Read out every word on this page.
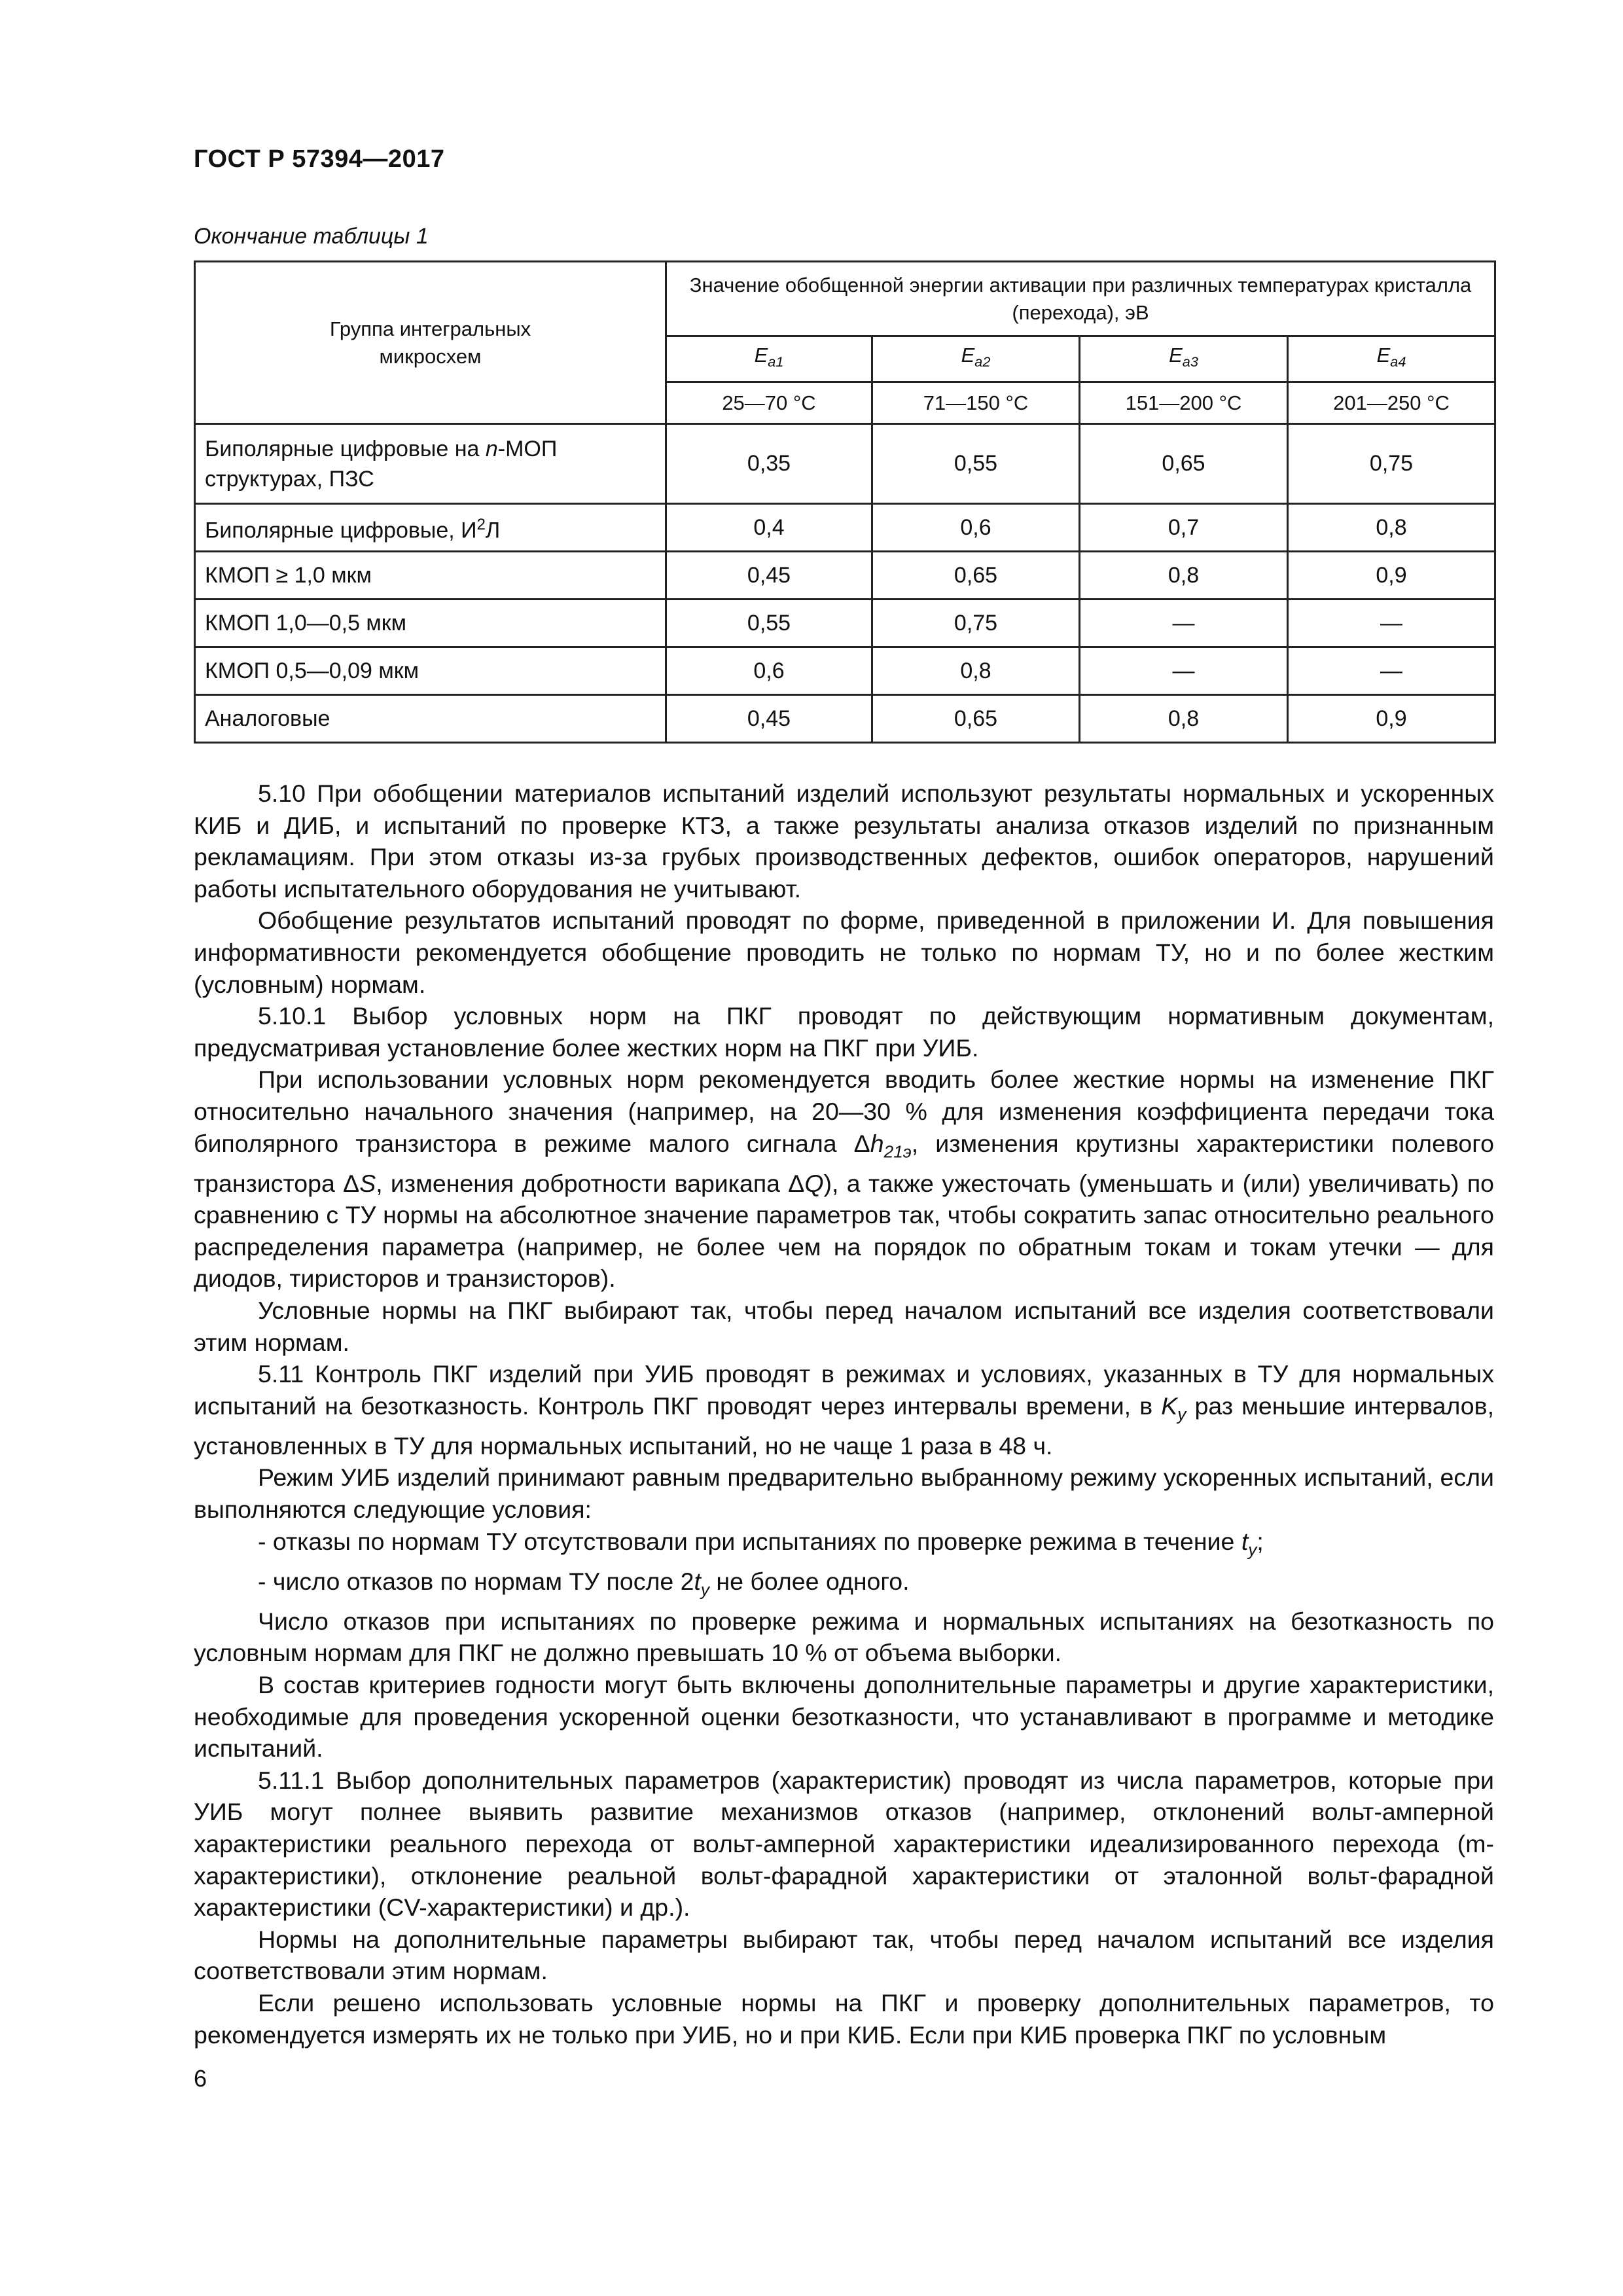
ГОСТ Р 57394—2017
Окончание таблицы 1
Группа интегральных микросхем	Значение обобщенной энергии активации при различных температурах кристалла (перехода), эВ			
	$E_{a1}$	$E_{a2}$	$E_{a3}$	$E_{a4}$
	25—70 °С	71—150 °С	151—200 °С	201—250 °С
Биполярные цифровые на n-МОП структурах, ПЗС	0,35	0,55	0,65	0,75
Биполярные цифровые, $И^2Л$	0,4	0,6	0,7	0,8
КМОП ≥ 1,0 мкм	0,45	0,65	0,8	0,9
КМОП 1,0—0,5 мкм	0,55	0,75	—	—
КМОП 0,5—0,09 мкм	0,6	0,8	—	—
Аналоговые	0,45	0,65	0,8	0,9

5.10 При обобщении материалов испытаний изделий используют результаты нормальных и ускоренных КИБ и ДИБ, и испытаний по проверке КТЗ, а также результаты анализа отказов изделий по признанным рекламациям. При этом отказы из-за грубых производственных дефектов, ошибок операторов, нарушений работы испытательного оборудования не учитывают.

Обобщение результатов испытаний проводят по форме, приведенной в приложении И. Для повышения информативности рекомендуется обобщение проводить не только по нормам ТУ, но и по более жестким (условным) нормам.

5.10.1 Выбор условных норм на ПКГ проводят по действующим нормативным документам, предусматривая установление более жестких норм на ПКГ при УИБ.

При использовании условных норм рекомендуется вводить более жесткие нормы на изменение ПКГ относительно начального значения (например, на 20—30 % для изменения коэффициента передачи тока биполярного транзистора в режиме малого сигнала $\Delta h_{21э}$, изменения крутизны характеристики полевого транзистора ΔS, изменения добротности варикапа ΔQ), а также ужесточать (уменьшать и (или) увеличивать) по сравнению с ТУ нормы на абсолютное значение параметров так, чтобы сократить запас относительно реального распределения параметра (например, не более чем на порядок по обратным токам и токам утечки — для диодов, тиристоров и транзисторов).

Условные нормы на ПКГ выбирают так, чтобы перед началом испытаний все изделия соответствовали этим нормам.

5.11 Контроль ПКГ изделий при УИБ проводят в режимах и условиях, указанных в ТУ для нормальных испытаний на безотказность. Контроль ПКГ проводят через интервалы времени, в $K_у$ раз меньшие интервалов, установленных в ТУ для нормальных испытаний, но не чаще 1 раза в 48 ч.

Режим УИБ изделий принимают равным предварительно выбранному режиму ускоренных испытаний, если выполняются следующие условия:

- отказы по нормам ТУ отсутствовали при испытаниях по проверке режима в течение $t_у$;

- число отказов по нормам ТУ после $2t_у$ не более одного.

Число отказов при испытаниях по проверке режима и нормальных испытаниях на безотказность по условным нормам для ПКГ не должно превышать 10 % от объема выборки.

В состав критериев годности могут быть включены дополнительные параметры и другие характеристики, необходимые для проведения ускоренной оценки безотказности, что устанавливают в программе и методике испытаний.

5.11.1 Выбор дополнительных параметров (характеристик) проводят из числа параметров, которые при УИБ могут полнее выявить развитие механизмов отказов (например, отклонений вольт-амперной характеристики реального перехода от вольт-амперной характеристики идеализированного перехода (m-характеристики), отклонение реальной вольт-фарадной характеристики от эталонной вольт-фарадной характеристики (CV-характеристики) и др.).

Нормы на дополнительные параметры выбирают так, чтобы перед началом испытаний все изделия соответствовали этим нормам.

Если решено использовать условные нормы на ПКГ и проверку дополнительных параметров, то рекомендуется измерять их не только при УИБ, но и при КИБ. Если при КИБ проверка ПКГ по условным

6
